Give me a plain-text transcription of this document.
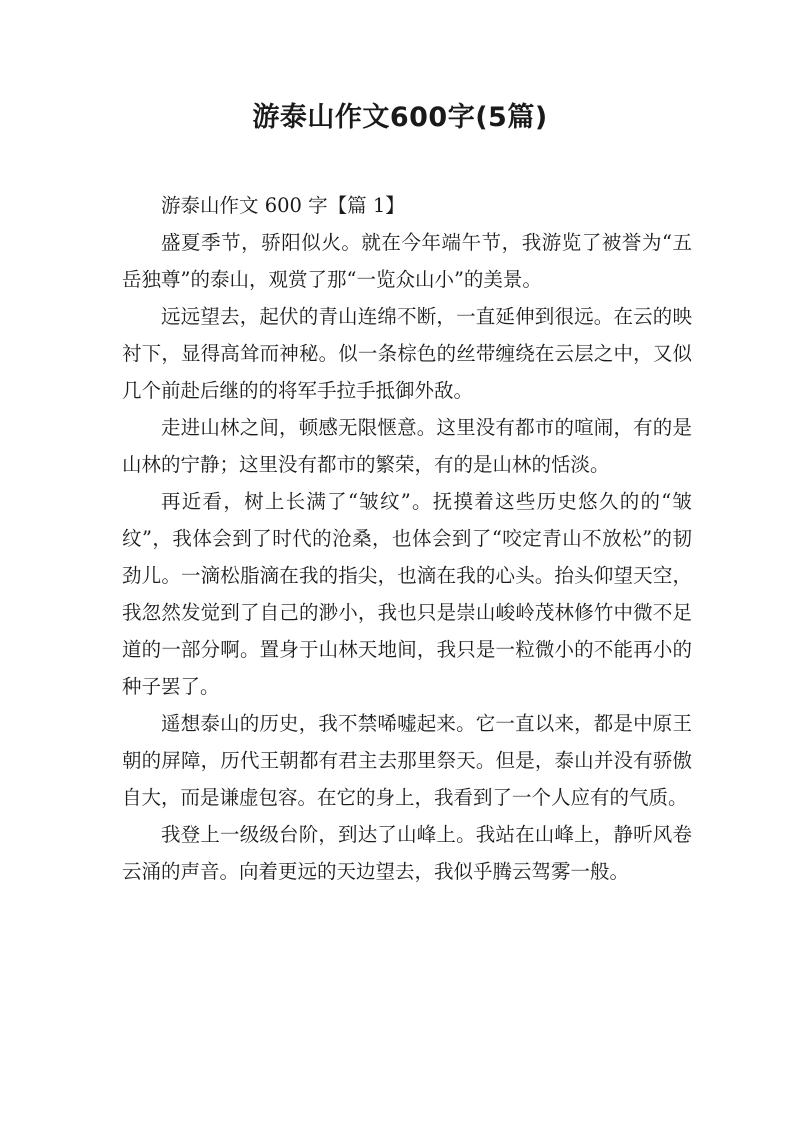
游泰山作文600字(5篇)

游泰山作文 600 字【篇 1】

盛夏季节，骄阳似火。就在今年端午节，我游览了被誉为“五岳独尊”的泰山，观赏了那“一览众山小”的美景。

远远望去，起伏的青山连绵不断，一直延伸到很远。在云的映衬下，显得高耸而神秘。似一条棕色的丝带缠绕在云层之中，又似几个前赴后继的的将军手拉手抵御外敌。

走进山林之间，顿感无限惬意。这里没有都市的喧闹，有的是山林的宁静；这里没有都市的繁荣，有的是山林的恬淡。

再近看，树上长满了“皱纹”。抚摸着这些历史悠久的的“皱纹”，我体会到了时代的沧桑，也体会到了“咬定青山不放松”的韧劲儿。一滴松脂滴在我的指尖，也滴在我的心头。抬头仰望天空，我忽然发觉到了自己的渺小，我也只是崇山峻岭茂林修竹中微不足道的一部分啊。置身于山林天地间，我只是一粒微小的不能再小的种子罢了。

遥想泰山的历史，我不禁唏嘘起来。它一直以来，都是中原王朝的屏障，历代王朝都有君主去那里祭天。但是，泰山并没有骄傲自大，而是谦虚包容。在它的身上，我看到了一个人应有的气质。

我登上一级级台阶，到达了山峰上。我站在山峰上，静听风卷云涌的声音。向着更远的天边望去，我似乎腾云驾雾一般。
